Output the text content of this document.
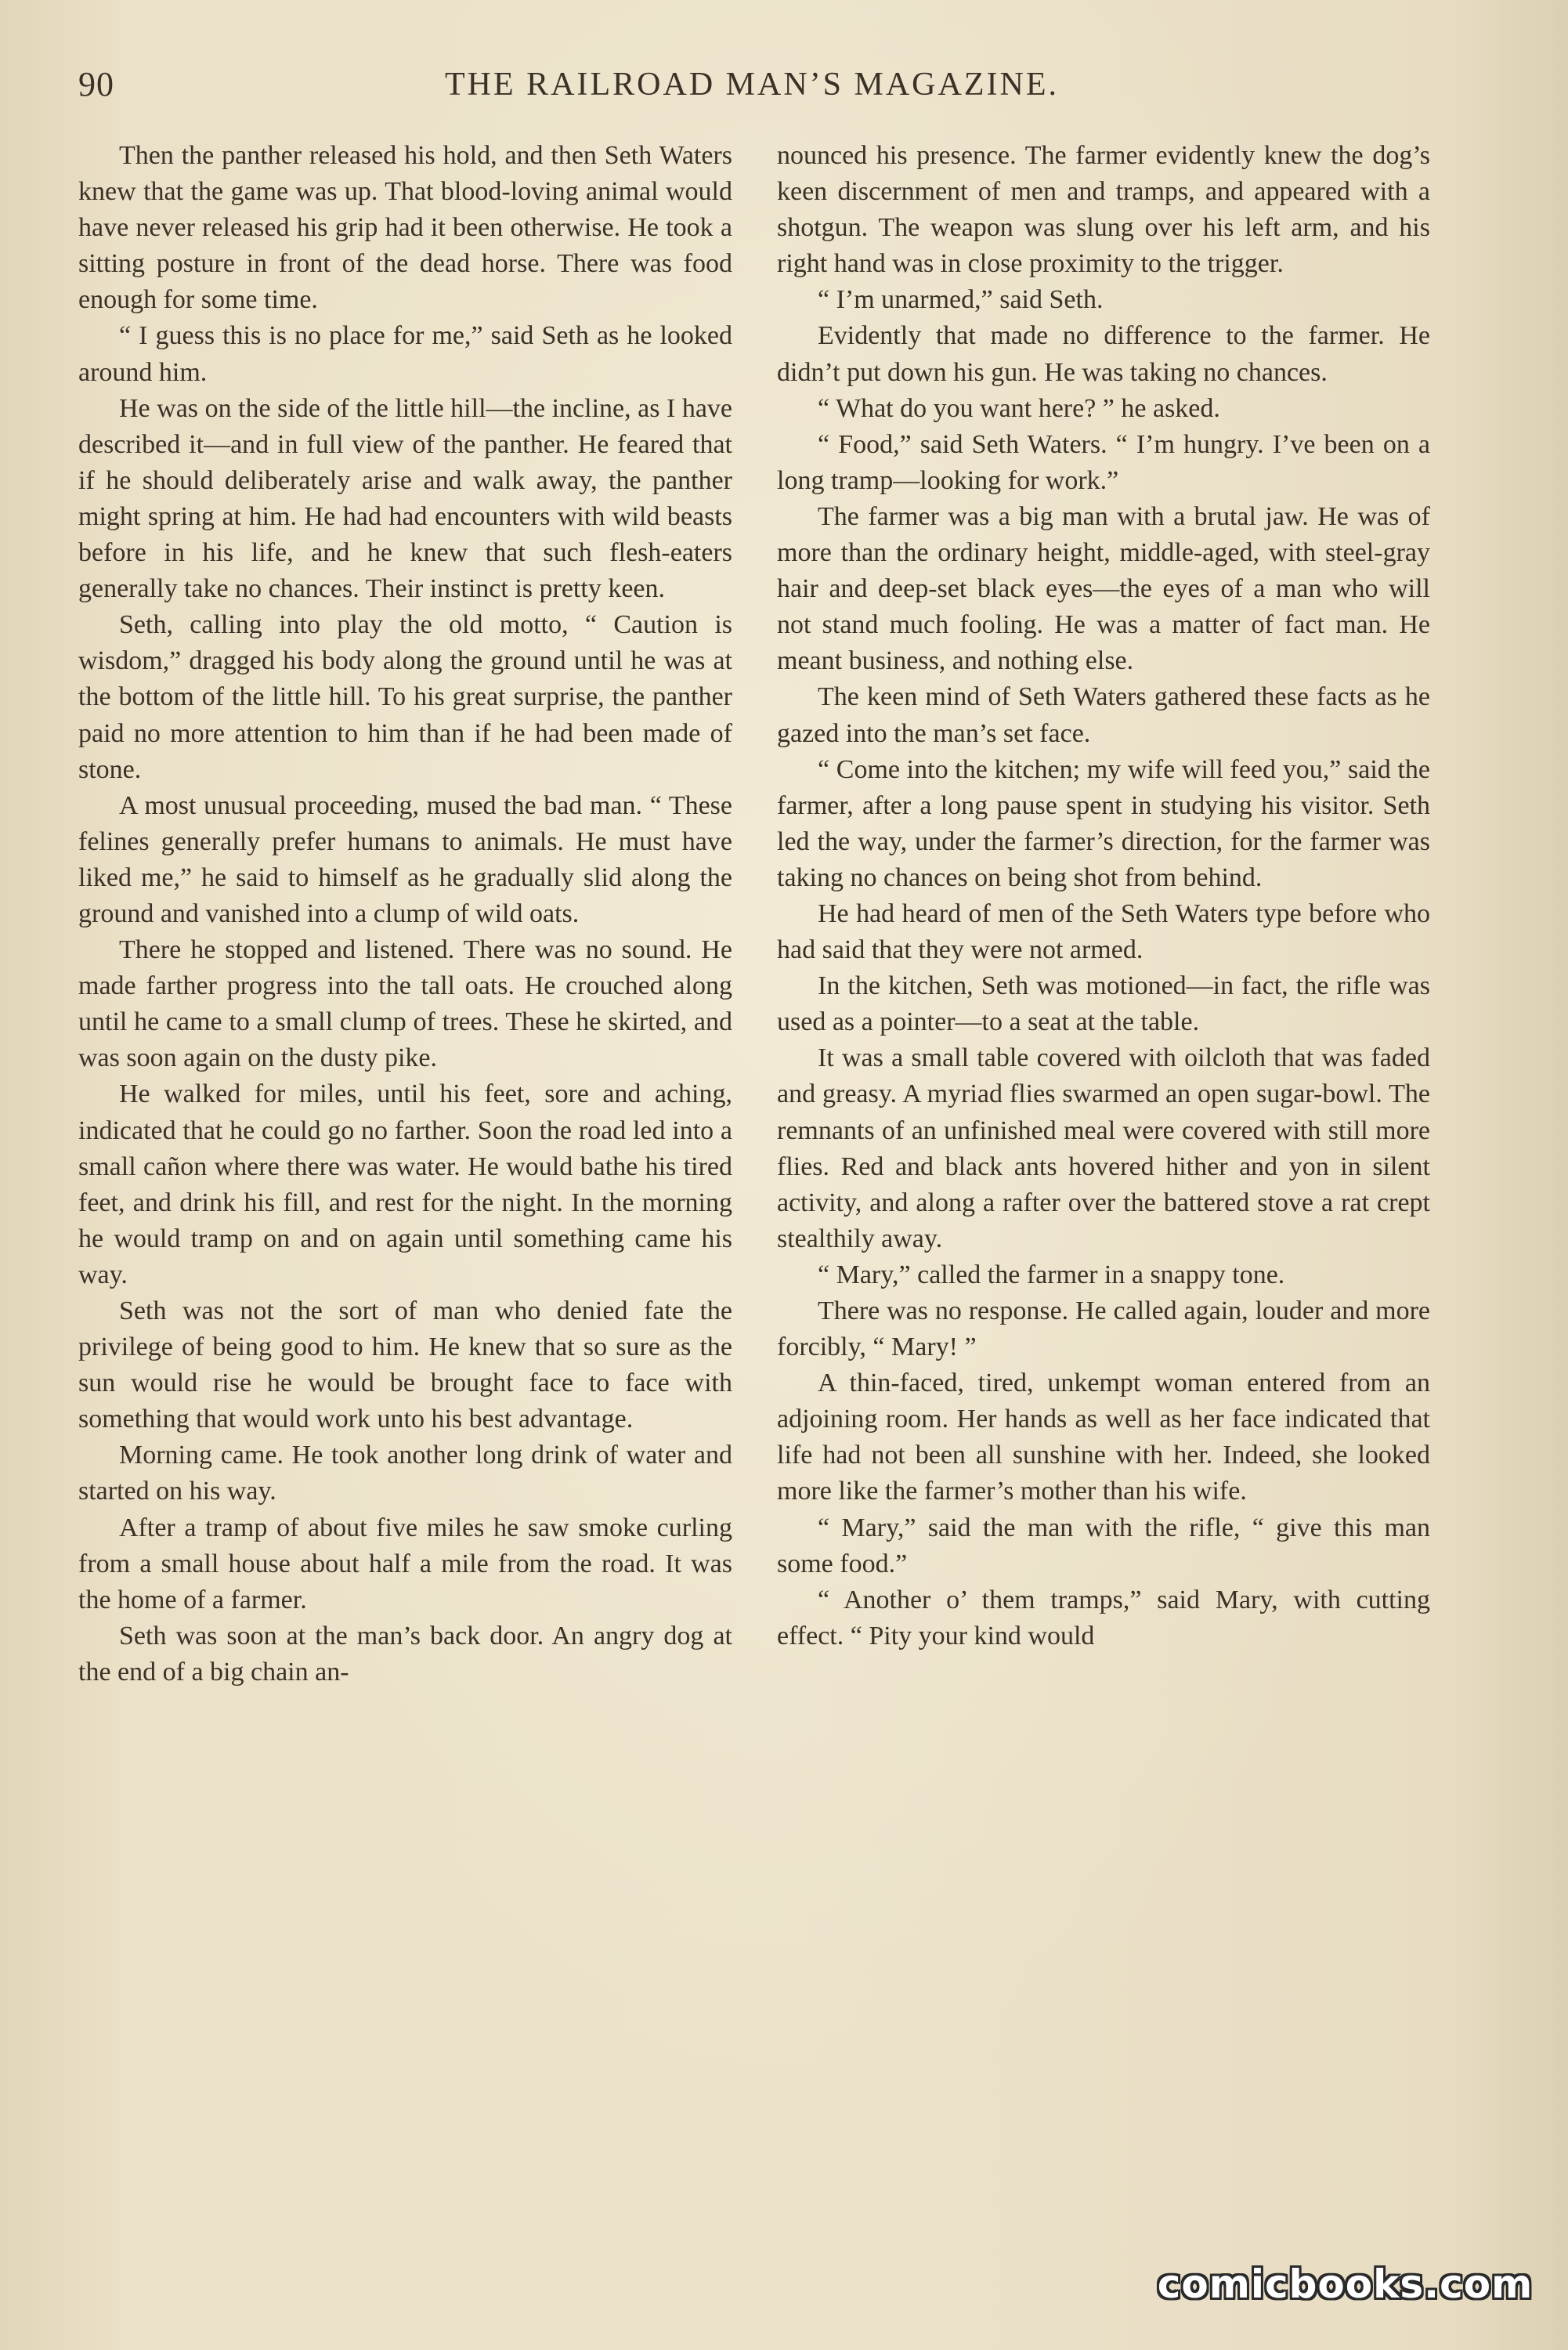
90	THE RAILROAD MAN’S MAGAZINE.

Then the panther released his hold, and then Seth Waters knew that the game was up. That blood-loving animal would have never released his grip had it been otherwise. He took a sitting posture in front of the dead horse. There was food enough for some time.

“ I guess this is no place for me,” said Seth as he looked around him.

He was on the side of the little hill—the incline, as I have described it—and in full view of the panther. He feared that if he should deliberately arise and walk away, the panther might spring at him. He had had encounters with wild beasts before in his life, and he knew that such flesh-eaters generally take no chances. Their instinct is pretty keen.

Seth, calling into play the old motto, “ Caution is wisdom,” dragged his body along the ground until he was at the bottom of the little hill. To his great surprise, the panther paid no more attention to him than if he had been made of stone.

A most unusual proceeding, mused the bad man. “ These felines generally prefer humans to animals. He must have liked me,” he said to himself as he gradually slid along the ground and vanished into a clump of wild oats.

There he stopped and listened. There was no sound. He made farther progress into the tall oats. He crouched along until he came to a small clump of trees. These he skirted, and was soon again on the dusty pike.

He walked for miles, until his feet, sore and aching, indicated that he could go no farther. Soon the road led into a small cañon where there was water. He would bathe his tired feet, and drink his fill, and rest for the night. In the morning he would tramp on and on again until something came his way.

Seth was not the sort of man who denied fate the privilege of being good to him. He knew that so sure as the sun would rise he would be brought face to face with something that would work unto his best advantage.

Morning came. He took another long drink of water and started on his way.

After a tramp of about five miles he saw smoke curling from a small house about half a mile from the road. It was the home of a farmer.

Seth was soon at the man’s back door. An angry dog at the end of a big chain an-

nounced his presence. The farmer evidently knew the dog’s keen discernment of men and tramps, and appeared with a shotgun. The weapon was slung over his left arm, and his right hand was in close proximity to the trigger.

“ I’m unarmed,” said Seth.

Evidently that made no difference to the farmer. He didn’t put down his gun. He was taking no chances.

“ What do you want here? ” he asked.

“ Food,” said Seth Waters. “ I’m hungry. I’ve been on a long tramp—looking for work.”

The farmer was a big man with a brutal jaw. He was of more than the ordinary height, middle-aged, with steel-gray hair and deep-set black eyes—the eyes of a man who will not stand much fooling. He was a matter of fact man. He meant business, and nothing else.

The keen mind of Seth Waters gathered these facts as he gazed into the man’s set face.

“ Come into the kitchen; my wife will feed you,” said the farmer, after a long pause spent in studying his visitor. Seth led the way, under the farmer’s direction, for the farmer was taking no chances on being shot from behind.

He had heard of men of the Seth Waters type before who had said that they were not armed.

In the kitchen, Seth was motioned—in fact, the rifle was used as a pointer—to a seat at the table.

It was a small table covered with oilcloth that was faded and greasy. A myriad flies swarmed an open sugar-bowl. The remnants of an unfinished meal were covered with still more flies. Red and black ants hovered hither and yon in silent activity, and along a rafter over the battered stove a rat crept stealthily away.

“ Mary,” called the farmer in a snappy tone.

There was no response. He called again, louder and more forcibly, “ Mary! ”

A thin-faced, tired, unkempt woman entered from an adjoining room. Her hands as well as her face indicated that life had not been all sunshine with her. Indeed, she looked more like the farmer’s mother than his wife.

“ Mary,” said the man with the rifle, “ give this man some food.”

“ Another o’ them tramps,” said Mary, with cutting effect. “ Pity your kind would

comicbooks.com
